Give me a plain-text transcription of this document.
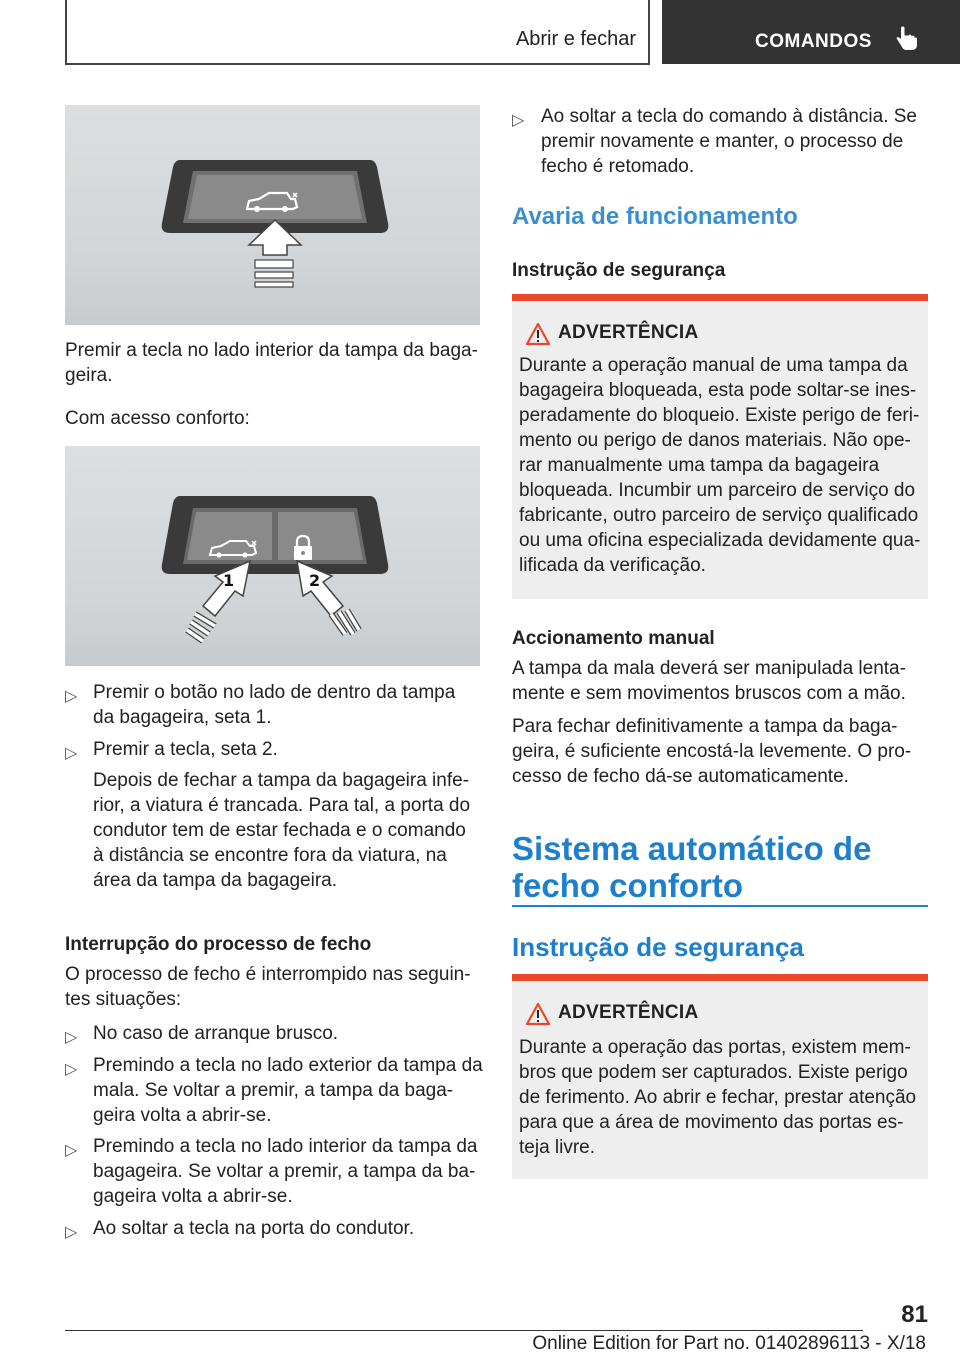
Abrir e fechar	COMANDOS
Premir a tecla no lado interior da tampa da baga-
geira.
Com acesso conforto:
1	2
▷ Premir o botão no lado de dentro da tampa
da bagageira, seta 1.
▷ Premir a tecla, seta 2.
Depois de fechar a tampa da bagageira infe-
rior, a viatura é trancada. Para tal, a porta do
condutor tem de estar fechada e o comando
à distância se encontre fora da viatura, na
área da tampa da bagageira.
Interrupção do processo de fecho
O processo de fecho é interrompido nas seguin-
tes situações:
▷ No caso de arranque brusco.
▷ Premindo a tecla no lado exterior da tampa da
mala. Se voltar a premir, a tampa da baga-
geira volta a abrir-se.
▷ Premindo a tecla no lado interior da tampa da
bagageira. Se voltar a premir, a tampa da ba-
gageira volta a abrir-se.
▷ Ao soltar a tecla na porta do condutor.
▷ Ao soltar a tecla do comando à distância. Se
premir novamente e manter, o processo de
fecho é retomado.
Avaria de funcionamento
Instrução de segurança
ADVERTÊNCIA
Durante a operação manual de uma tampa da
bagageira bloqueada, esta pode soltar-se ines-
peradamente do bloqueio. Existe perigo de feri-
mento ou perigo de danos materiais. Não ope-
rar manualmente uma tampa da bagageira
bloqueada. Incumbir um parceiro de serviço do
fabricante, outro parceiro de serviço qualificado
ou uma oficina especializada devidamente qua-
lificada da verificação.
Accionamento manual
A tampa da mala deverá ser manipulada lenta-
mente e sem movimentos bruscos com a mão.
Para fechar definitivamente a tampa da baga-
geira, é suficiente encostá-la levemente. O pro-
cesso de fecho dá-se automaticamente.
Sistema automático de
fecho conforto
Instrução de segurança
ADVERTÊNCIA
Durante a operação das portas, existem mem-
bros que podem ser capturados. Existe perigo
de ferimento. Ao abrir e fechar, prestar atenção
para que a área de movimento das portas es-
teja livre.
81
Online Edition for Part no. 01402896113 - X/18
